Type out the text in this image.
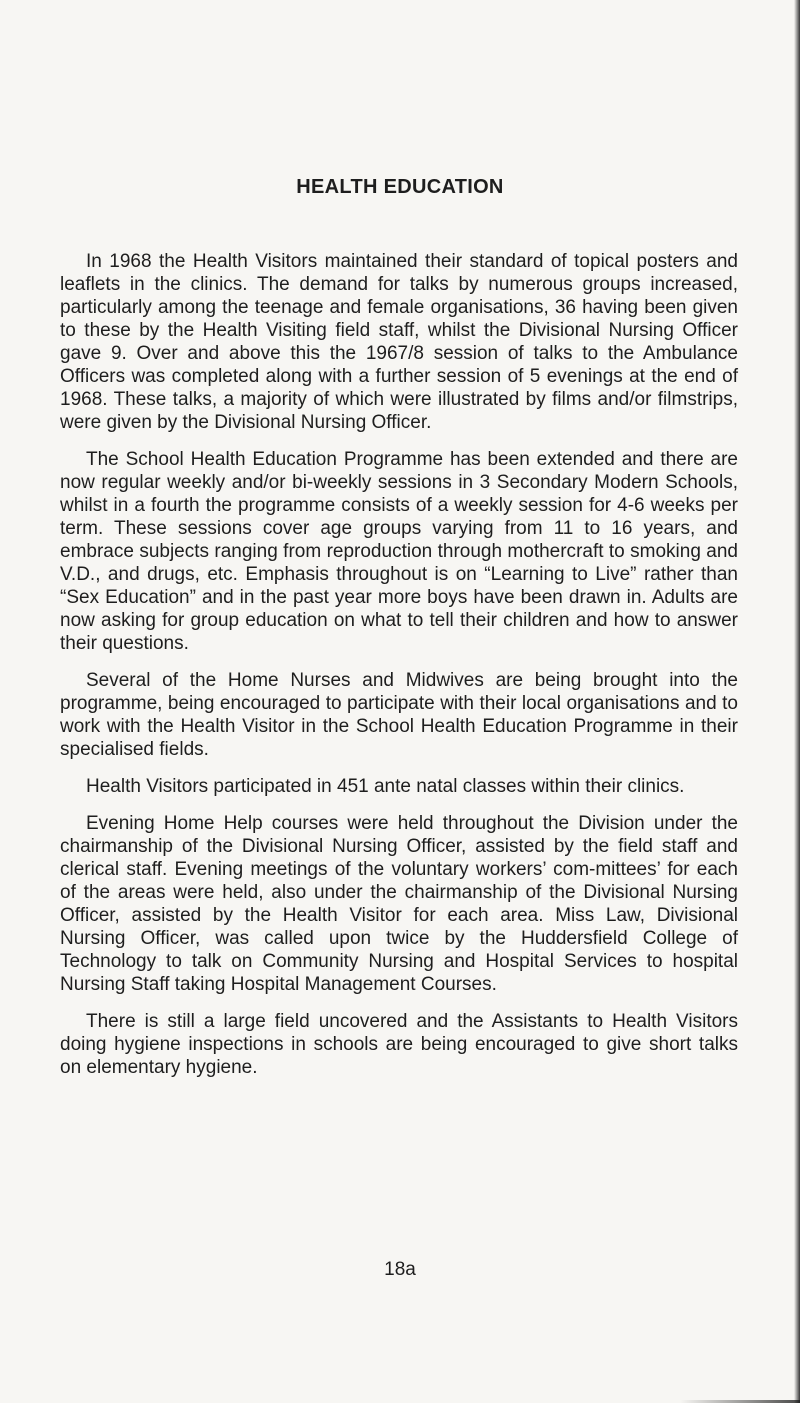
HEALTH EDUCATION

In 1968 the Health Visitors maintained their standard of topical posters and leaflets in the clinics. The demand for talks by numerous groups increased, particularly among the teenage and female organisations, 36 having been given to these by the Health Visiting field staff, whilst the Divisional Nursing Officer gave 9. Over and above this the 1967/8 session of talks to the Ambulance Officers was completed along with a further session of 5 evenings at the end of 1968. These talks, a majority of which were illustrated by films and/or filmstrips, were given by the Divisional Nursing Officer.

The School Health Education Programme has been extended and there are now regular weekly and/or bi-weekly sessions in 3 Secondary Modern Schools, whilst in a fourth the programme consists of a weekly session for 4-6 weeks per term. These sessions cover age groups varying from 11 to 16 years, and embrace subjects ranging from reproduction through mothercraft to smoking and V.D., and drugs, etc. Emphasis throughout is on “Learning to Live” rather than “Sex Education” and in the past year more boys have been drawn in. Adults are now asking for group education on what to tell their children and how to answer their questions.

Several of the Home Nurses and Midwives are being brought into the programme, being encouraged to participate with their local organisations and to work with the Health Visitor in the School Health Education Programme in their specialised fields.

Health Visitors participated in 451 ante natal classes within their clinics.

Evening Home Help courses were held throughout the Division under the chairmanship of the Divisional Nursing Officer, assisted by the field staff and clerical staff. Evening meetings of the voluntary workers’ com-mittees’ for each of the areas were held, also under the chairmanship of the Divisional Nursing Officer, assisted by the Health Visitor for each area. Miss Law, Divisional Nursing Officer, was called upon twice by the Huddersfield College of Technology to talk on Community Nursing and Hospital Services to hospital Nursing Staff taking Hospital Management Courses.

There is still a large field uncovered and the Assistants to Health Visitors doing hygiene inspections in schools are being encouraged to give short talks on elementary hygiene.

18a
